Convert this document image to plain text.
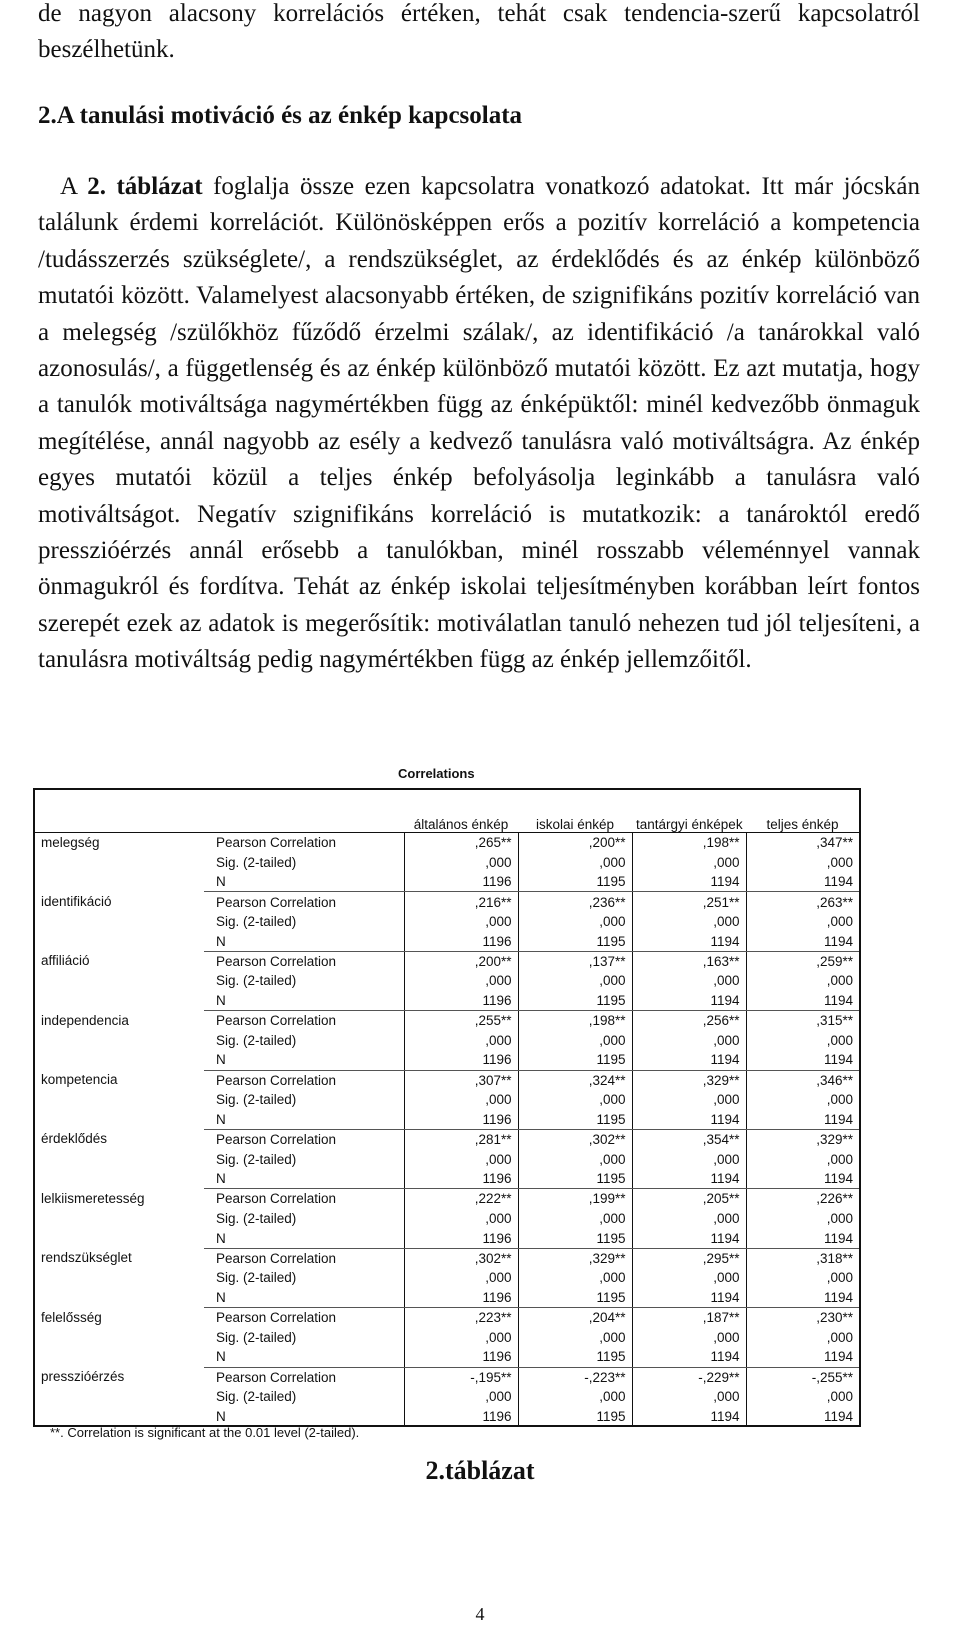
de nagyon alacsony korrelációs értéken, tehát csak tendencia-szerű kapcsolatról beszélhetünk.
2.A tanulási motiváció és az énkép kapcsolata
A 2. táblázat foglalja össze ezen kapcsolatra vonatkozó adatokat. Itt már jócskán találunk érdemi korrelációt. Különösképpen erős a pozitív korreláció a kompetencia /tudásszerzés szükséglete/, a rendszükséglet, az érdeklődés és az énkép különböző mutatói között. Valamelyest alacsonyabb értéken, de szignifikáns pozitív korreláció van a melegség /szülőkhöz fűződő érzelmi szálak/, az identifikáció /a tanárokkal való azonosulás/, a függetlenség és az énkép különböző mutatói között. Ez azt mutatja, hogy a tanulók motiváltsága nagymértékben függ az énképüktől: minél kedvezőbb önmaguk megítélése, annál nagyobb az esély a kedvező tanulásra való motiváltságra. Az énkép egyes mutatói közül a teljes énkép befolyásolja leginkább a tanulásra való motiváltságot. Negatív szignifikáns korreláció is mutatkozik: a tanároktól eredő presszióérzés annál erősebb a tanulókban, minél rosszabb véleménnyel vannak önmagukról és fordítva. Tehát az énkép iskolai teljesítményben korábban leírt fontos szerepét ezek az adatok is megerősítik: motiválatlan tanuló nehezen tud jól teljesíteni, a tanulásra motiváltság pedig nagymértékben függ az énkép jellemzőitől.
Correlations
		általános énkép	iskolai énkép	tantárgyi énképek	teljes énkép
melegség	Pearson Correlation	,265**	,200**	,198**	,347**
	Sig. (2-tailed)	,000	,000	,000	,000
	N	1196	1195	1194	1194
identifikáció	Pearson Correlation	,216**	,236**	,251**	,263**
	Sig. (2-tailed)	,000	,000	,000	,000
	N	1196	1195	1194	1194
affiliáció	Pearson Correlation	,200**	,137**	,163**	,259**
	Sig. (2-tailed)	,000	,000	,000	,000
	N	1196	1195	1194	1194
independencia	Pearson Correlation	,255**	,198**	,256**	,315**
	Sig. (2-tailed)	,000	,000	,000	,000
	N	1196	1195	1194	1194
kompetencia	Pearson Correlation	,307**	,324**	,329**	,346**
	Sig. (2-tailed)	,000	,000	,000	,000
	N	1196	1195	1194	1194
érdeklődés	Pearson Correlation	,281**	,302**	,354**	,329**
	Sig. (2-tailed)	,000	,000	,000	,000
	N	1196	1195	1194	1194
lelkiismeretesség	Pearson Correlation	,222**	,199**	,205**	,226**
	Sig. (2-tailed)	,000	,000	,000	,000
	N	1196	1195	1194	1194
rendszükséglet	Pearson Correlation	,302**	,329**	,295**	,318**
	Sig. (2-tailed)	,000	,000	,000	,000
	N	1196	1195	1194	1194
felelősség	Pearson Correlation	,223**	,204**	,187**	,230**
	Sig. (2-tailed)	,000	,000	,000	,000
	N	1196	1195	1194	1194
presszióérzés	Pearson Correlation	-,195**	-,223**	-,229**	-,255**
	Sig. (2-tailed)	,000	,000	,000	,000
	N	1196	1195	1194	1194
**. Correlation is significant at the 0.01 level (2-tailed).
2.táblázat
4
